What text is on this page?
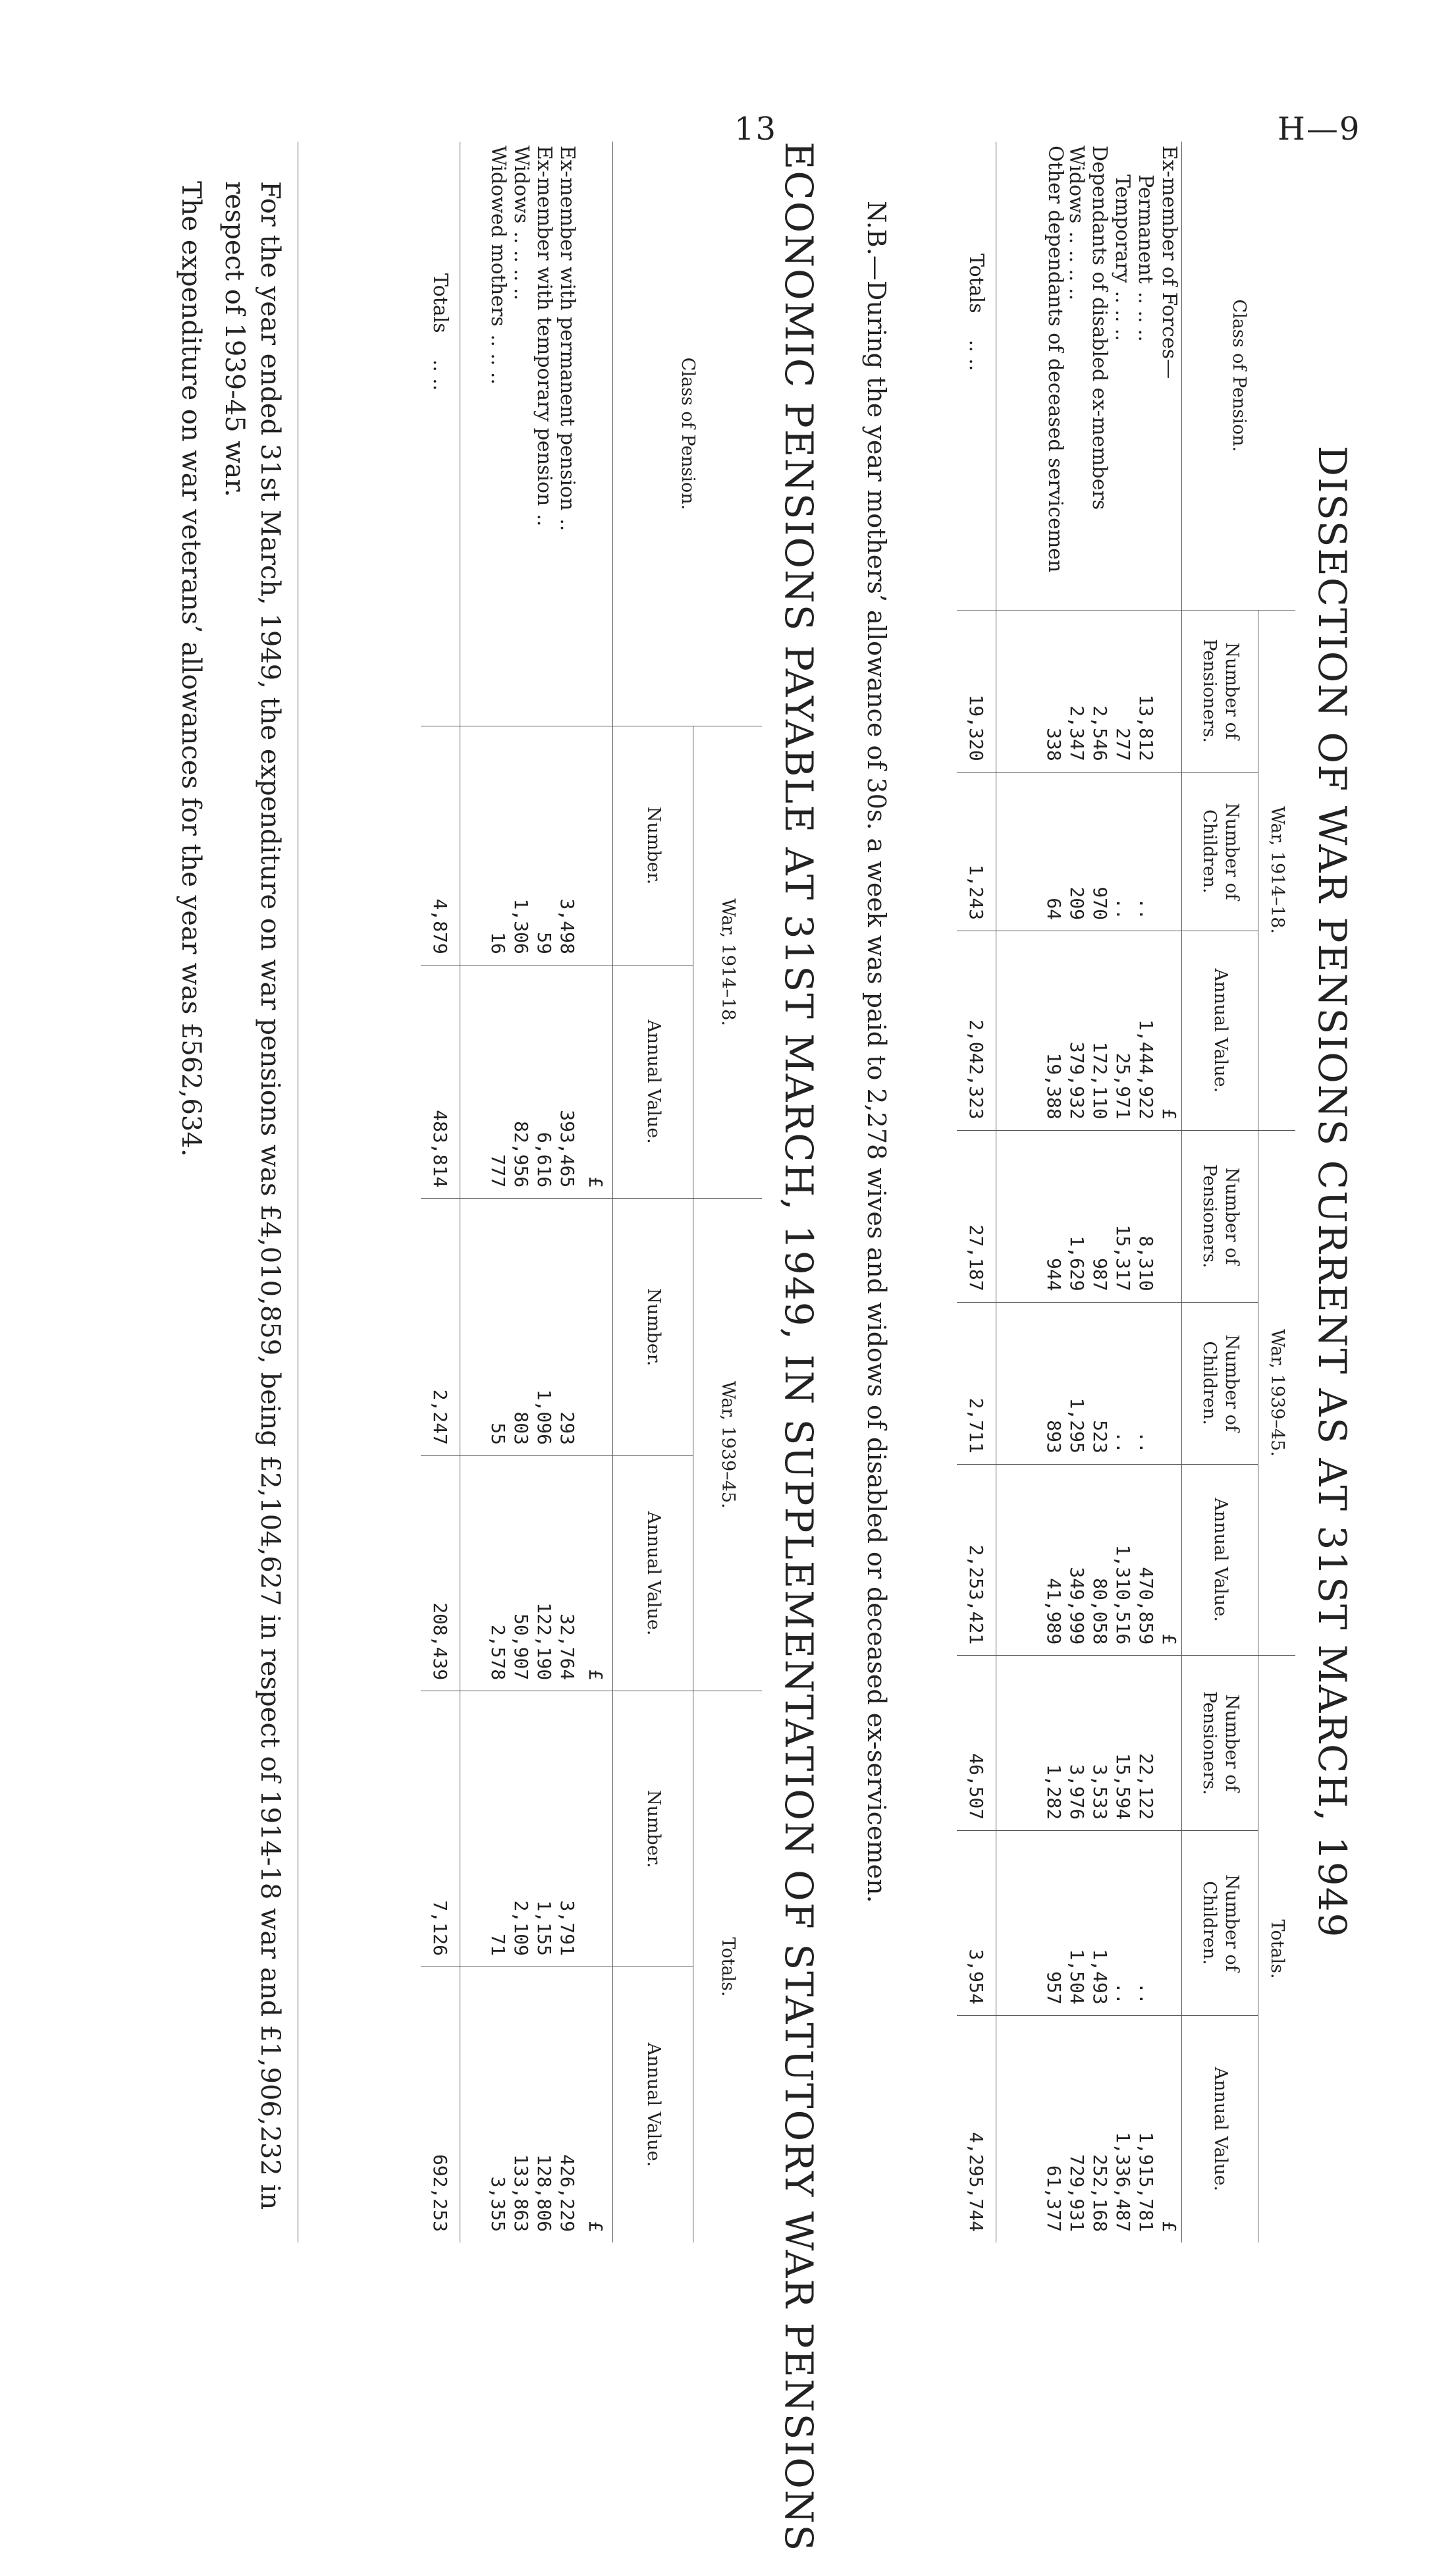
13	H—9
DISSECTION OF WAR PENSIONS CURRENT AS AT 31ST MARCH, 1949
Class of Pension.	War, 1914–18.			War, 1939–45.			Totals.		
	Number of Pensioners.	Number of Children.	Annual Value.	Number of Pensioners.	Number of Children.	Annual Value.	Number of Pensioners.	Number of Children.	Annual Value.
Ex-member of Forces—			£			£			£
Permanent.. .. ..	13,812	..	1,444,922	8,310	..	470,859	22,122	..	1,915,781
Temporary.. .. ..	277	..	25,971	15,317	..	1,310,516	15,594	..	1,336,487
Dependants of disabled ex-members	2,546	970	172,110	987	523	80,058	3,533	1,493	252,168
Widows.. .. .. ..	2,347	209	379,932	1,629	1,295	349,999	3,976	1,504	729,931
Other dependants of deceased servicemen	338	64	19,388	944	893	41,989	1,282	957	61,377

Totals.. ..	19,320	1,243	2,042,323	27,187	2,711	2,253,421	46,507	3,954	4,295,744
N.B.—During the year mothers’ allowance of 30s. a week was paid to 2,278 wives and widows of disabled or deceased ex-servicemen.
ECONOMIC PENSIONS PAYABLE AT 31ST MARCH, 1949, IN SUPPLEMENTATION OF STATUTORY WAR PENSIONS
Class of Pension.	War, 1914–18.		War, 1939–45.		Totals.	
	Number.	Annual Value.	Number.	Annual Value.	Number.	Annual Value.
		£		£		£
Ex-member with permanent pension..	3,498	393,465	293	32,764	3,791	426,229
Ex-member with temporary pension..	59	6,616	1,096	122,190	1,155	128,806
Widows.. .. .. ..	1,306	82,956	803	50,907	2,109	133,863
Widowed mothers.. .. ..	16	777	55	2,578	71	3,355

Totals.. ..	4,879	483,814	2,247	208,439	7,126	692,253
For the year ended 31st March, 1949, the expenditure on war pensions was £4,010,859, being £2,104,627 in respect of 1914-18 war and £1,906,232 in respect of 1939-45 war.
The expenditure on war veterans’ allowances for the year was £562,634.
